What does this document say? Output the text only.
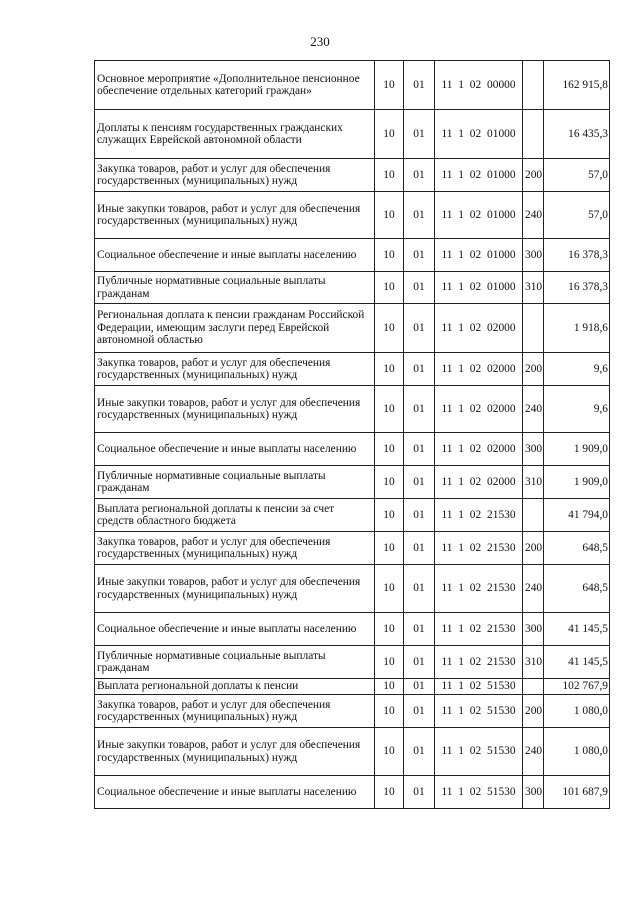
230
Основное мероприятие «Дополнительное пенсионное обеспечение отдельных категорий граждан»	10	01	11 1 02 00000		162 915,8
Доплаты к пенсиям государственных гражданских служащих Еврейской автономной области	10	01	11 1 02 01000		16 435,3
Закупка товаров, работ и услуг для обеспечения государственных (муниципальных) нужд	10	01	11 1 02 01000	200	57,0
Иные закупки товаров, работ и услуг для обеспечения государственных (муниципальных) нужд	10	01	11 1 02 01000	240	57,0
Социальное обеспечение и иные выплаты населению	10	01	11 1 02 01000	300	16 378,3
Публичные нормативные социальные выплаты гражданам	10	01	11 1 02 01000	310	16 378,3
Региональная доплата к пенсии гражданам Российской Федерации, имеющим заслуги перед Еврейской автономной областью	10	01	11 1 02 02000		1 918,6
Закупка товаров, работ и услуг для обеспечения государственных (муниципальных) нужд	10	01	11 1 02 02000	200	9,6
Иные закупки товаров, работ и услуг для обеспечения государственных (муниципальных) нужд	10	01	11 1 02 02000	240	9,6
Социальное обеспечение и иные выплаты населению	10	01	11 1 02 02000	300	1 909,0
Публичные нормативные социальные выплаты гражданам	10	01	11 1 02 02000	310	1 909,0
Выплата региональной доплаты к пенсии за счет средств областного бюджета	10	01	11 1 02 21530		41 794,0
Закупка товаров, работ и услуг для обеспечения государственных (муниципальных) нужд	10	01	11 1 02 21530	200	648,5
Иные закупки товаров, работ и услуг для обеспечения государственных (муниципальных) нужд	10	01	11 1 02 21530	240	648,5
Социальное обеспечение и иные выплаты населению	10	01	11 1 02 21530	300	41 145,5
Публичные нормативные социальные выплаты гражданам	10	01	11 1 02 21530	310	41 145,5
Выплата региональной доплаты к пенсии	10	01	11 1 02 51530		102 767,9
Закупка товаров, работ и услуг для обеспечения государственных (муниципальных) нужд	10	01	11 1 02 51530	200	1 080,0
Иные закупки товаров, работ и услуг для обеспечения государственных (муниципальных) нужд	10	01	11 1 02 51530	240	1 080,0
Социальное обеспечение и иные выплаты населению	10	01	11 1 02 51530	300	101 687,9
